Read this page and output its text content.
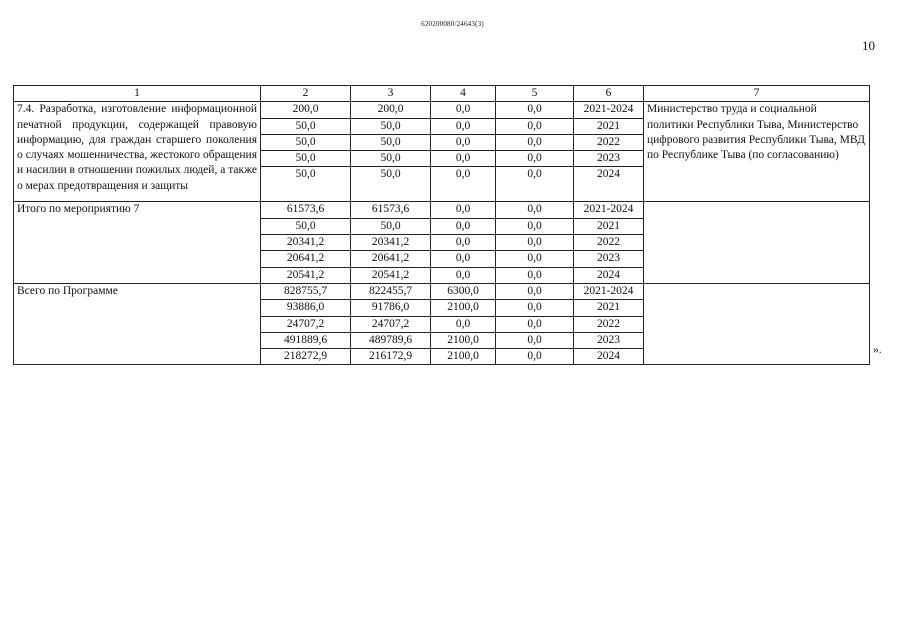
620200080/24643(3)
10
1	2	3	4	5	6	7
7.4. Разработка, изготовление информационной печатной продукции, содержащей правовую информацию, для граждан старшего поколения о случаях мошенничества, жестокого обращения и насилии в отношении пожилых людей, а также о мерах предотвращения и защиты	200,0	200,0	0,0	0,0	2021-2024	Министерство труда и социальной политики Республики Тыва, Министерство цифрового развития Республики Тыва, МВД по Республике Тыва (по согласованию)
	50,0	50,0	0,0	0,0	2021	
	50,0	50,0	0,0	0,0	2022	
	50,0	50,0	0,0	0,0	2023	
	50,0	50,0	0,0	0,0	2024	
Итого по мероприятию 7	61573,6	61573,6	0,0	0,0	2021-2024	
	50,0	50,0	0,0	0,0	2021	
	20341,2	20341,2	0,0	0,0	2022	
	20641,2	20641,2	0,0	0,0	2023	
	20541,2	20541,2	0,0	0,0	2024	
Всего по Программе	828755,7	822455,7	6300,0	0,0	2021-2024	
	93886,0	91786,0	2100,0	0,0	2021	
	24707,2	24707,2	0,0	0,0	2022	
	491889,6	489789,6	2100,0	0,0	2023	
	218272,9	216172,9	2100,0	0,0	2024	
».
